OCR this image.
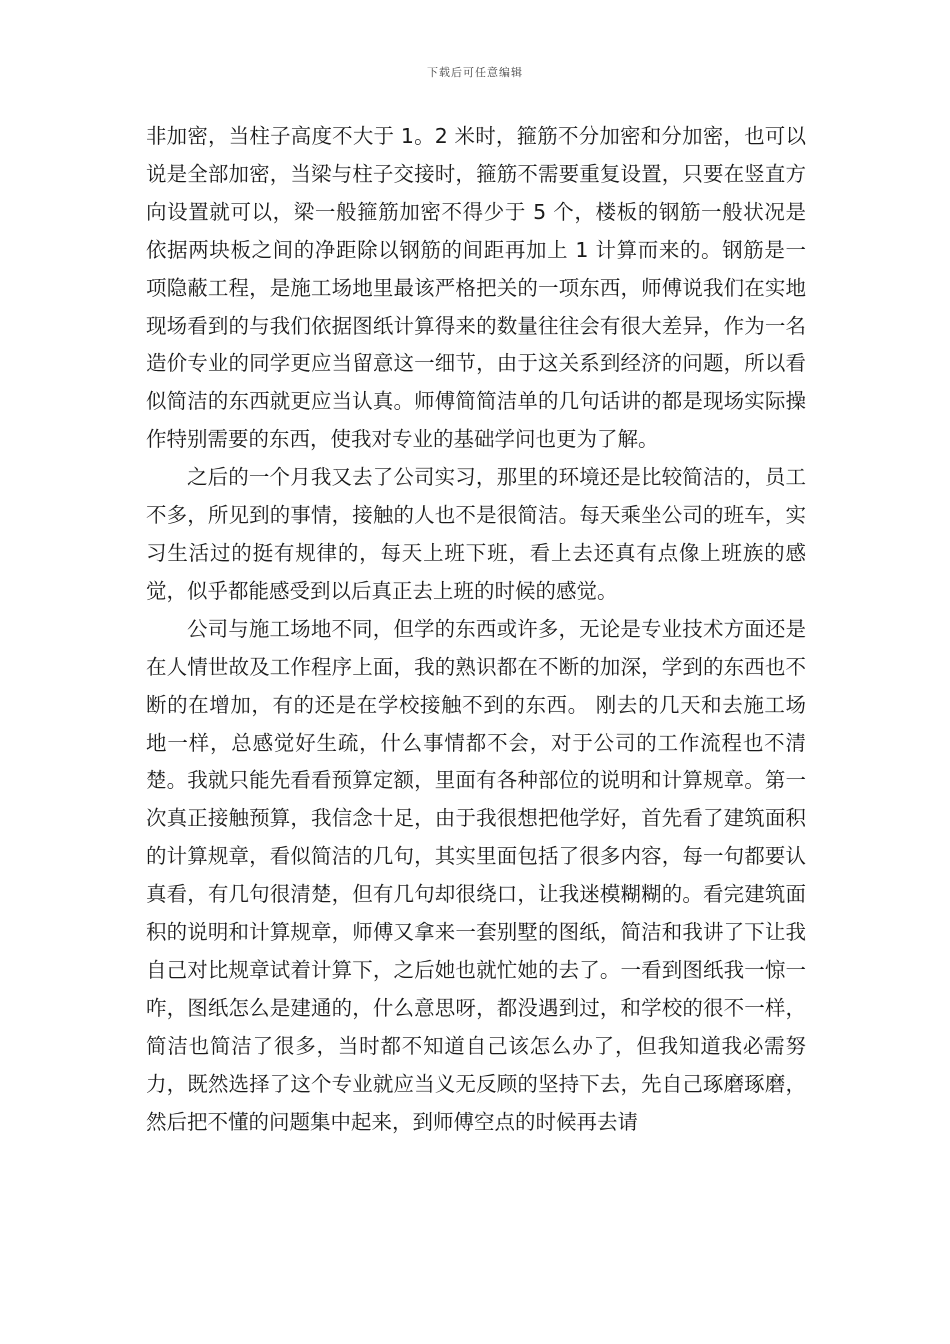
下载后可任意编辑

非加密，当柱子高度不大于 1。2 米时，箍筋不分加密和分加密，也可以说是全部加密，当梁与柱子交接时，箍筋不需要重复设置，只要在竖直方向设置就可以，梁一般箍筋加密不得少于 5 个，楼板的钢筋一般状况是依据两块板之间的净距除以钢筋的间距再加上 1 计算而来的。钢筋是一项隐蔽工程，是施工场地里最该严格把关的一项东西，师傅说我们在实地现场看到的与我们依据图纸计算得来的数量往往会有很大差异，作为一名造价专业的同学更应当留意这一细节，由于这关系到经济的问题，所以看似简洁的东西就更应当认真。师傅简简洁单的几句话讲的都是现场实际操作特别需要的东西，使我对专业的基础学问也更为了解。

之后的一个月我又去了公司实习，那里的环境还是比较简洁的，员工不多，所见到的事情，接触的人也不是很简洁。每天乘坐公司的班车，实习生活过的挺有规律的，每天上班下班，看上去还真有点像上班族的感觉，似乎都能感受到以后真正去上班的时候的感觉。

公司与施工场地不同，但学的东西或许多，无论是专业技术方面还是在人情世故及工作程序上面，我的熟识都在不断的加深，学到的东西也不断的在增加，有的还是在学校接触不到的东西。 刚去的几天和去施工场地一样，总感觉好生疏，什么事情都不会，对于公司的工作流程也不清楚。我就只能先看看预算定额，里面有各种部位的说明和计算规章。第一次真正接触预算，我信念十足，由于我很想把他学好，首先看了建筑面积的计算规章，看似简洁的几句，其实里面包括了很多内容，每一句都要认真看，有几句很清楚，但有几句却很绕口，让我迷模糊糊的。看完建筑面积的说明和计算规章，师傅又拿来一套别墅的图纸，简洁和我讲了下让我自己对比规章试着计算下，之后她也就忙她的去了。一看到图纸我一惊一咋，图纸怎么是建通的，什么意思呀，都没遇到过，和学校的很不一样，简洁也简洁了很多，当时都不知道自己该怎么办了，但我知道我必需努力，既然选择了这个专业就应当义无反顾的坚持下去，先自己琢磨琢磨，然后把不懂的问题集中起来，到师傅空点的时候再去请
